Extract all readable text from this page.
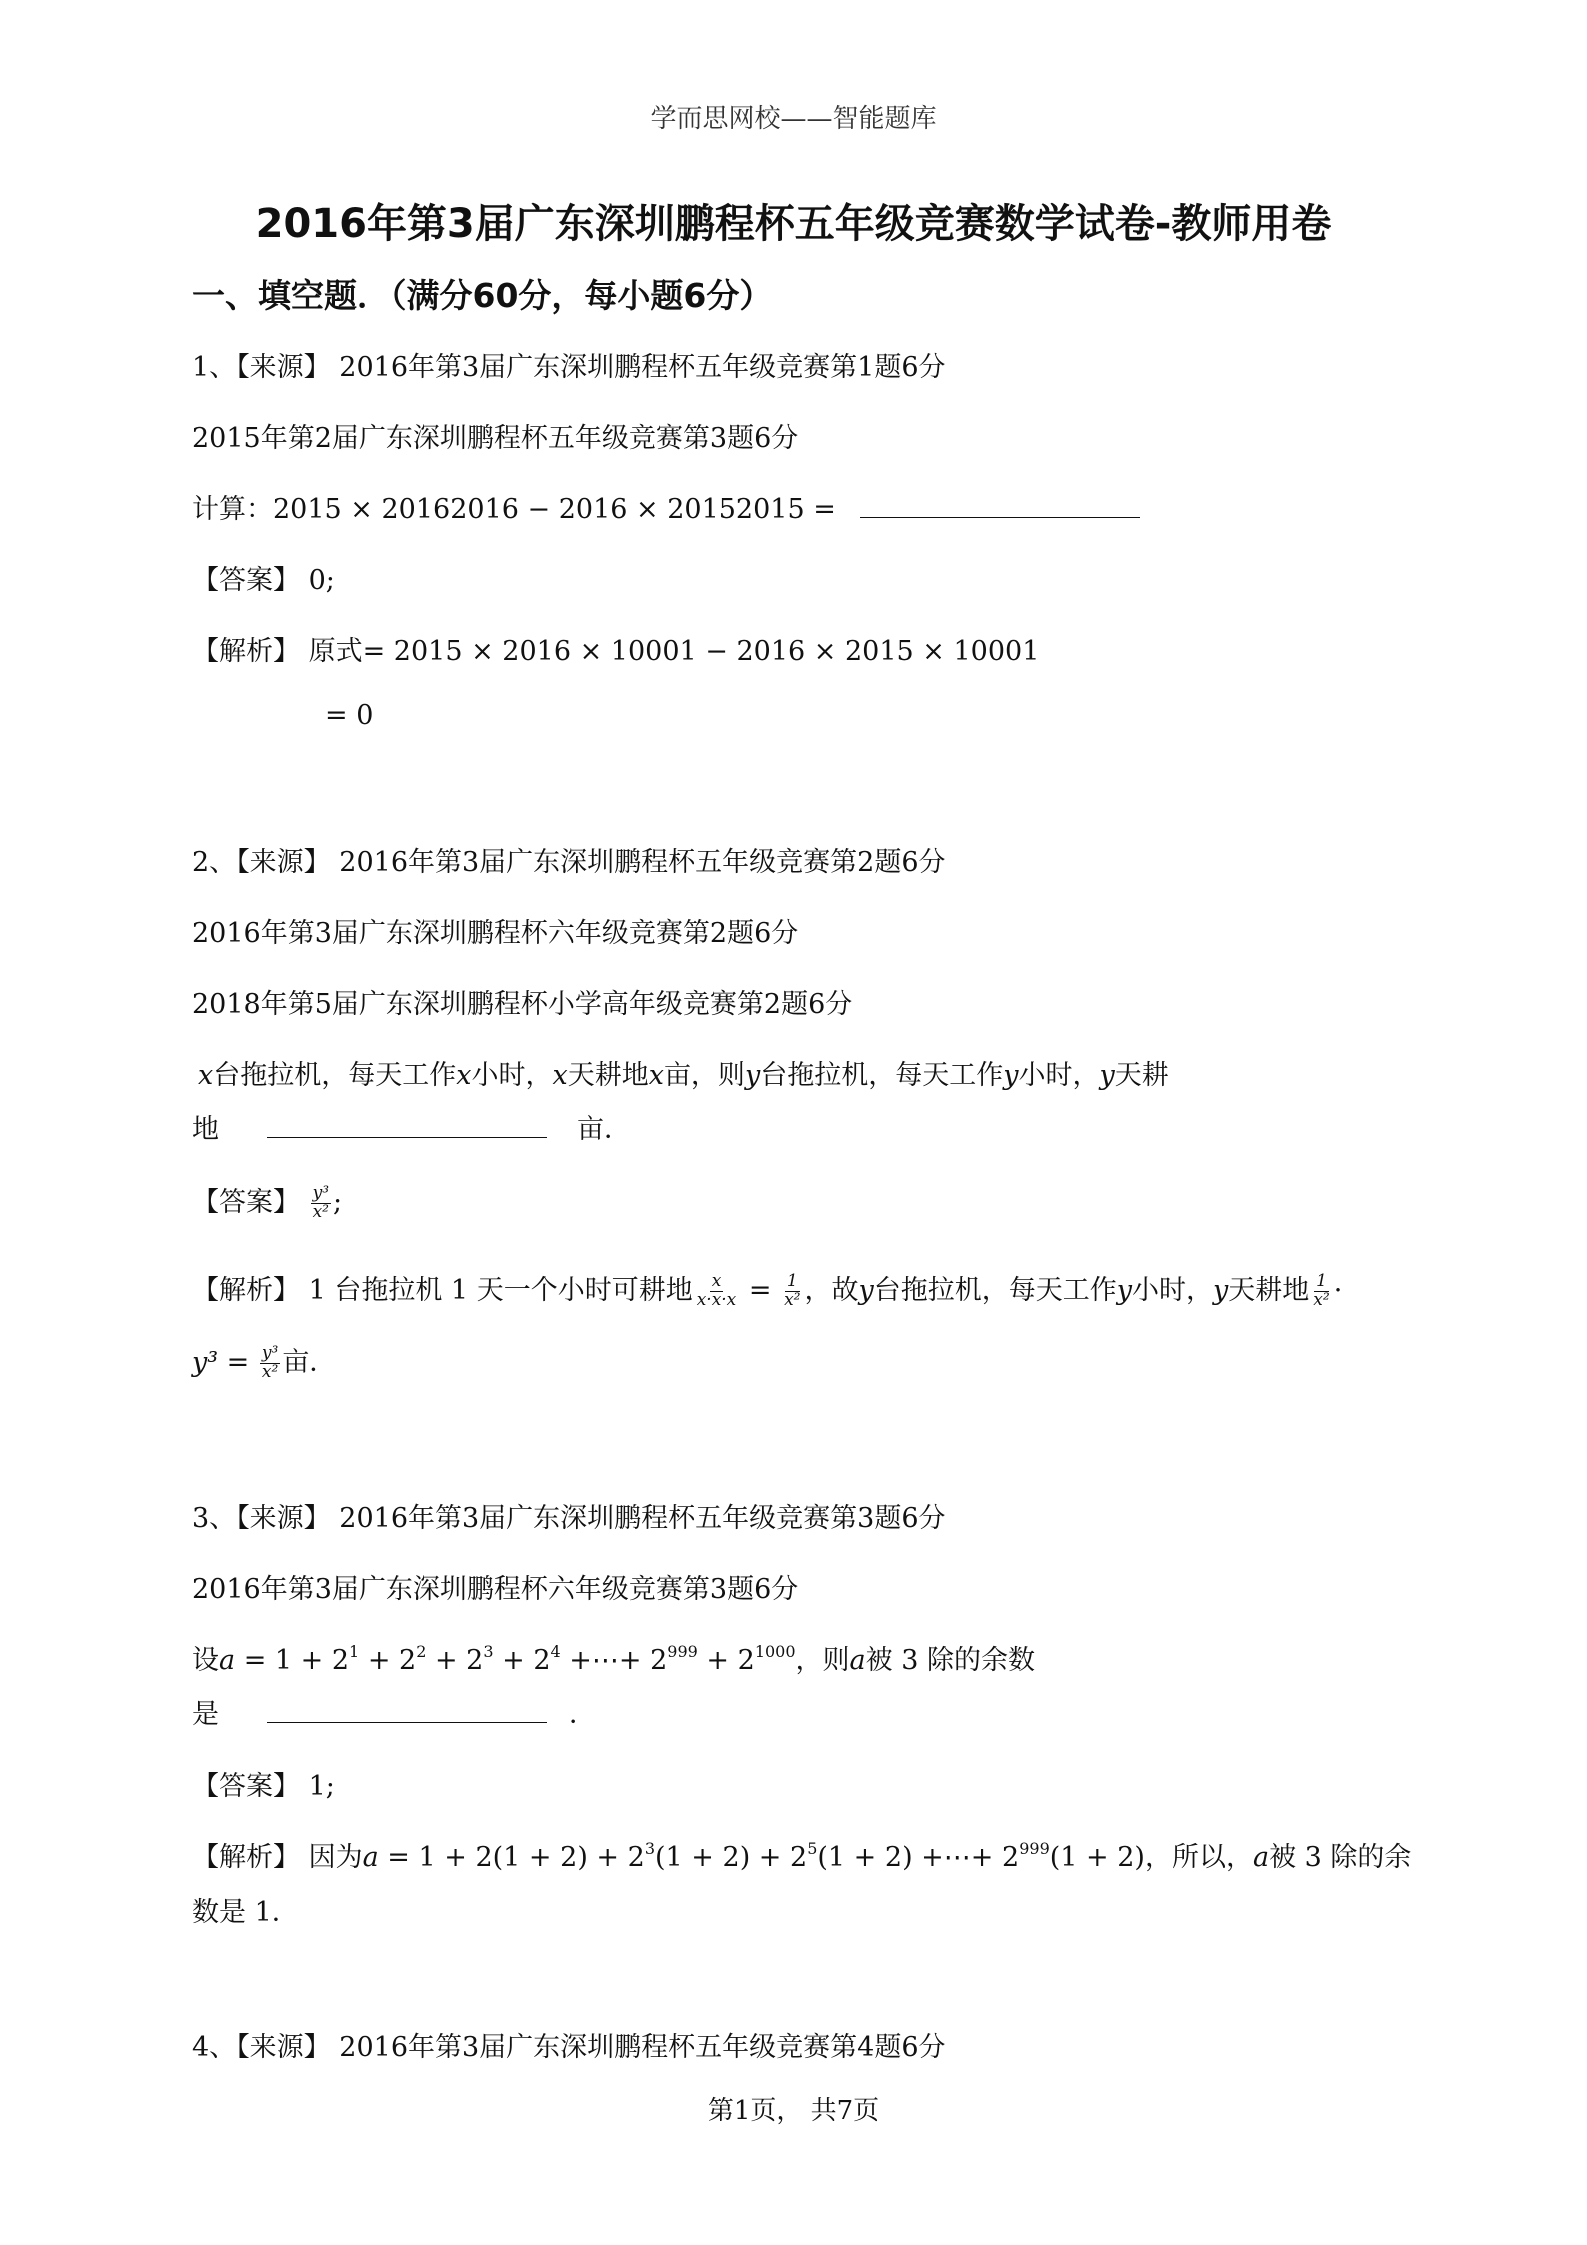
学而思网校——智能题库
2016年第3届广东深圳鹏程杯五年级竞赛数学试卷-教师用卷
一、填空题．（满分60分，每小题6分）
1、【来源】 2016年第3届广东深圳鹏程杯五年级竞赛第1题6分
2015年第2届广东深圳鹏程杯五年级竞赛第3题6分
计算：2015 × 20162016 − 2016 × 20152015 =
【答案】 0;
【解析】 原式= 2015 × 2016 × 10001 − 2016 × 2015 × 10001
= 0
2、【来源】 2016年第3届广东深圳鹏程杯五年级竞赛第2题6分
2016年第3届广东深圳鹏程杯六年级竞赛第2题6分
2018年第5届广东深圳鹏程杯小学高年级竞赛第2题6分
x台拖拉机，每天工作x小时，x天耕地x亩，则y台拖拉机，每天工作y小时，y天耕
地	亩．
【答案】 $\frac{\text{y³}}{\text{x²}}$ ;
【解析】 1 台拖拉机 1 天一个小时可耕地 $\frac{x}{x\cdot x\cdot x} = \frac{1}{\text{x²}}$ ，故y台拖拉机，每天工作y小时，y天耕地 $\frac{1}{\text{x²}}$ ·
$y^3 = \frac{\text{y³}}{\text{x²}}$ 亩．
3、【来源】 2016年第3届广东深圳鹏程杯五年级竞赛第3题6分
2016年第3届广东深圳鹏程杯六年级竞赛第3题6分
设$a = 1 + 2^1 + 2^2 + 2^3 + 2^4$ +⋯+ $2^{999} + 2^{1000}$，则a被 3 除的余数
是	．
【答案】 1;
【解析】 因为$a = 1 + 2(1 + 2) + 2^3(1 + 2) + 2^5(1 + 2)$ +⋯+ $2^{999}(1 + 2)$，所以，a被 3 除的余
数是 1．
4、【来源】 2016年第3届广东深圳鹏程杯五年级竞赛第4题6分
第1页， 共7页
